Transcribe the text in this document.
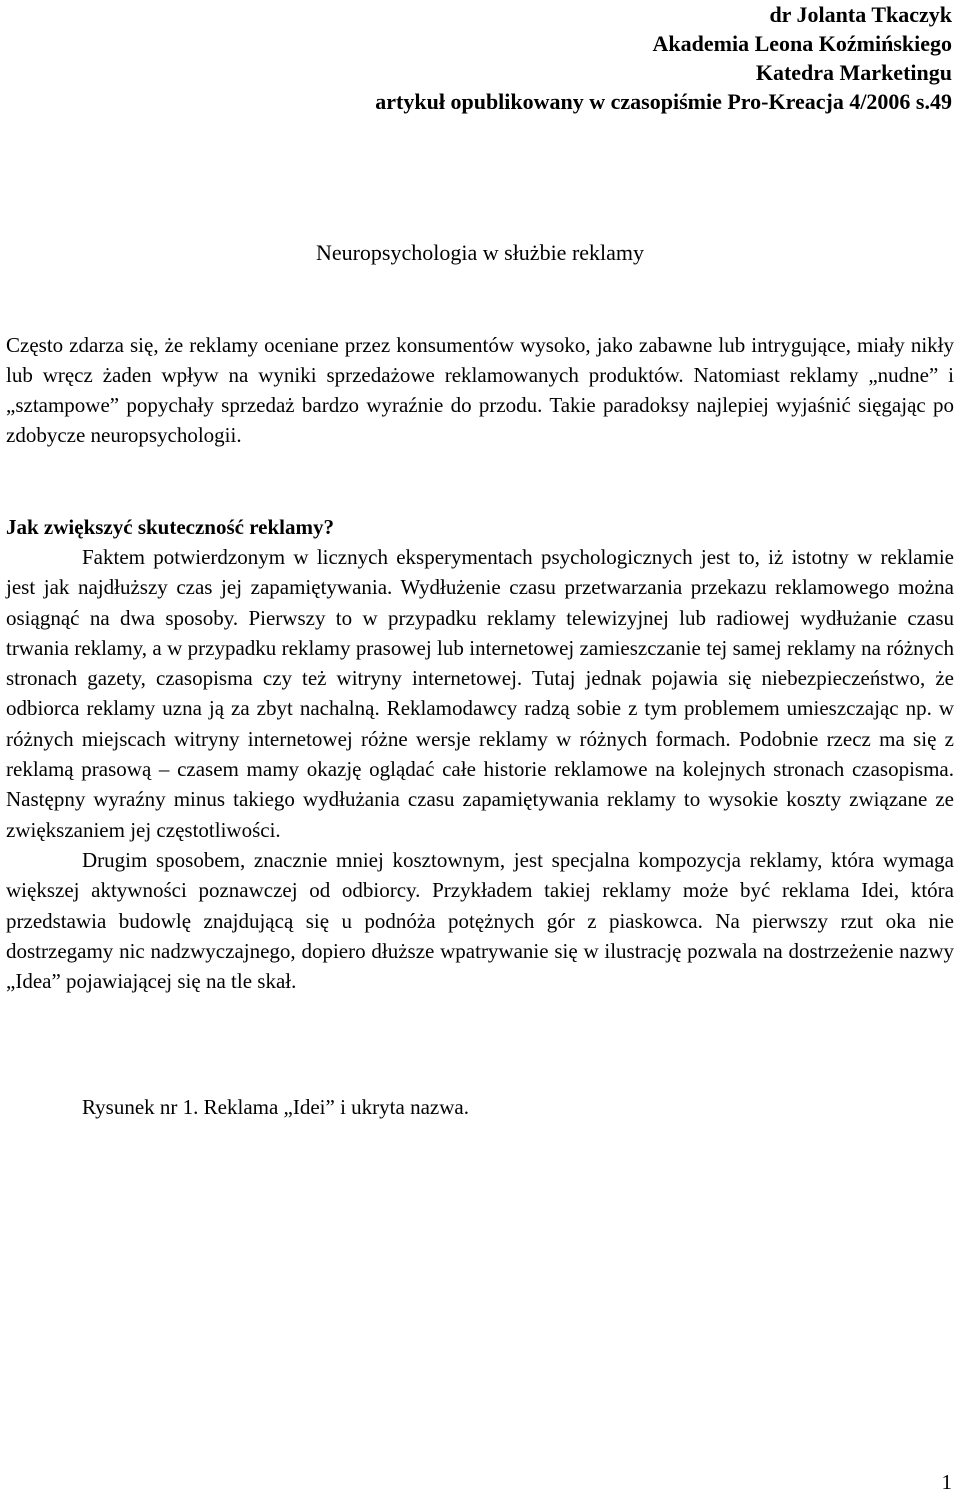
dr Jolanta Tkaczyk
Akademia Leona Koźmińskiego
Katedra Marketingu
artykuł opublikowany w czasopiśmie Pro-Kreacja 4/2006 s.49
Neuropsychologia w służbie reklamy

Często zdarza się, że reklamy oceniane przez konsumentów wysoko, jako zabawne lub intrygujące, miały nikły lub wręcz żaden wpływ na wyniki sprzedażowe reklamowanych produktów. Natomiast reklamy „nudne” i „sztampowe” popychały sprzedaż bardzo wyraźnie do przodu. Takie paradoksy najlepiej wyjaśnić sięgając po zdobycze neuropsychologii.

Jak zwiększyć skuteczność reklamy?

Faktem potwierdzonym w licznych eksperymentach psychologicznych jest to, iż istotny w reklamie jest jak najdłuższy czas jej zapamiętywania. Wydłużenie czasu przetwarzania przekazu reklamowego można osiągnąć na dwa sposoby. Pierwszy to w przypadku reklamy telewizyjnej lub radiowej wydłużanie czasu trwania reklamy, a w przypadku reklamy prasowej lub internetowej zamieszczanie tej samej reklamy na różnych stronach gazety, czasopisma czy też witryny internetowej. Tutaj jednak pojawia się niebezpieczeństwo, że odbiorca reklamy uzna ją za zbyt nachalną. Reklamodawcy radzą sobie z tym problemem umieszczając np. w różnych miejscach witryny internetowej różne wersje reklamy w różnych formach. Podobnie rzecz ma się z reklamą prasową – czasem mamy okazję oglądać całe historie reklamowe na kolejnych stronach czasopisma. Następny wyraźny minus takiego wydłużania czasu zapamiętywania reklamy to wysokie koszty związane ze zwiększaniem jej częstotliwości.

Drugim sposobem, znacznie mniej kosztownym, jest specjalna kompozycja reklamy, która wymaga większej aktywności poznawczej od odbiorcy. Przykładem takiej reklamy może być reklama Idei, która przedstawia budowlę znajdującą się u podnóża potężnych gór z piaskowca. Na pierwszy rzut oka nie dostrzegamy nic nadzwyczajnego, dopiero dłuższe wpatrywanie się w ilustrację pozwala na dostrzeżenie nazwy „Idea” pojawiającej się na tle skał.

Rysunek nr 1. Reklama „Idei” i ukryta nazwa.
1
